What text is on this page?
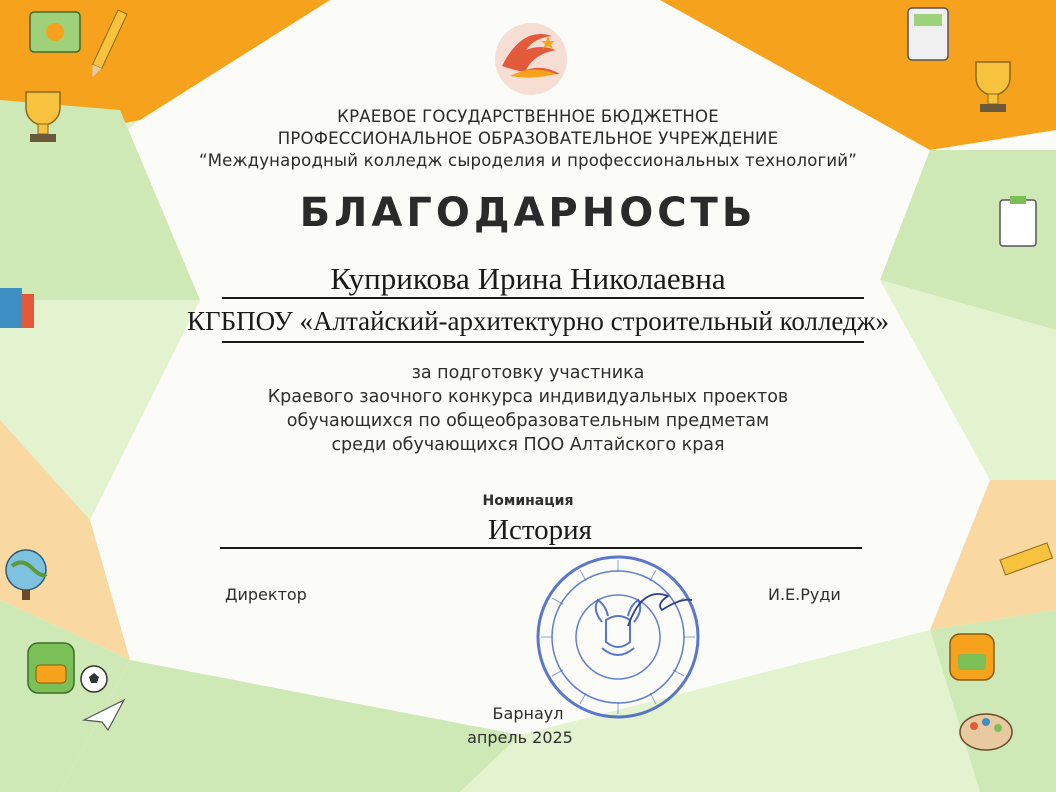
КРАЕВОЕ ГОСУДАРСТВЕННОЕ БЮДЖЕТНОЕ
ПРОФЕССИОНАЛЬНОЕ ОБРАЗОВАТЕЛЬНОЕ УЧРЕЖДЕНИЕ
“Международный колледж сыроделия и профессиональных технологий”
БЛАГОДАРНОСТЬ
Куприкова Ирина Николаевна
КГБПОУ «Алтайский-архитектурно строительный колледж»
за подготовку участника
Краевого заочного конкурса индивидуальных проектов
обучающихся по общеобразовательным предметам
среди обучающихся ПОО Алтайского края
Номинация
История
Директор	И.Е.Руди
Барнаул
апрель 2025
